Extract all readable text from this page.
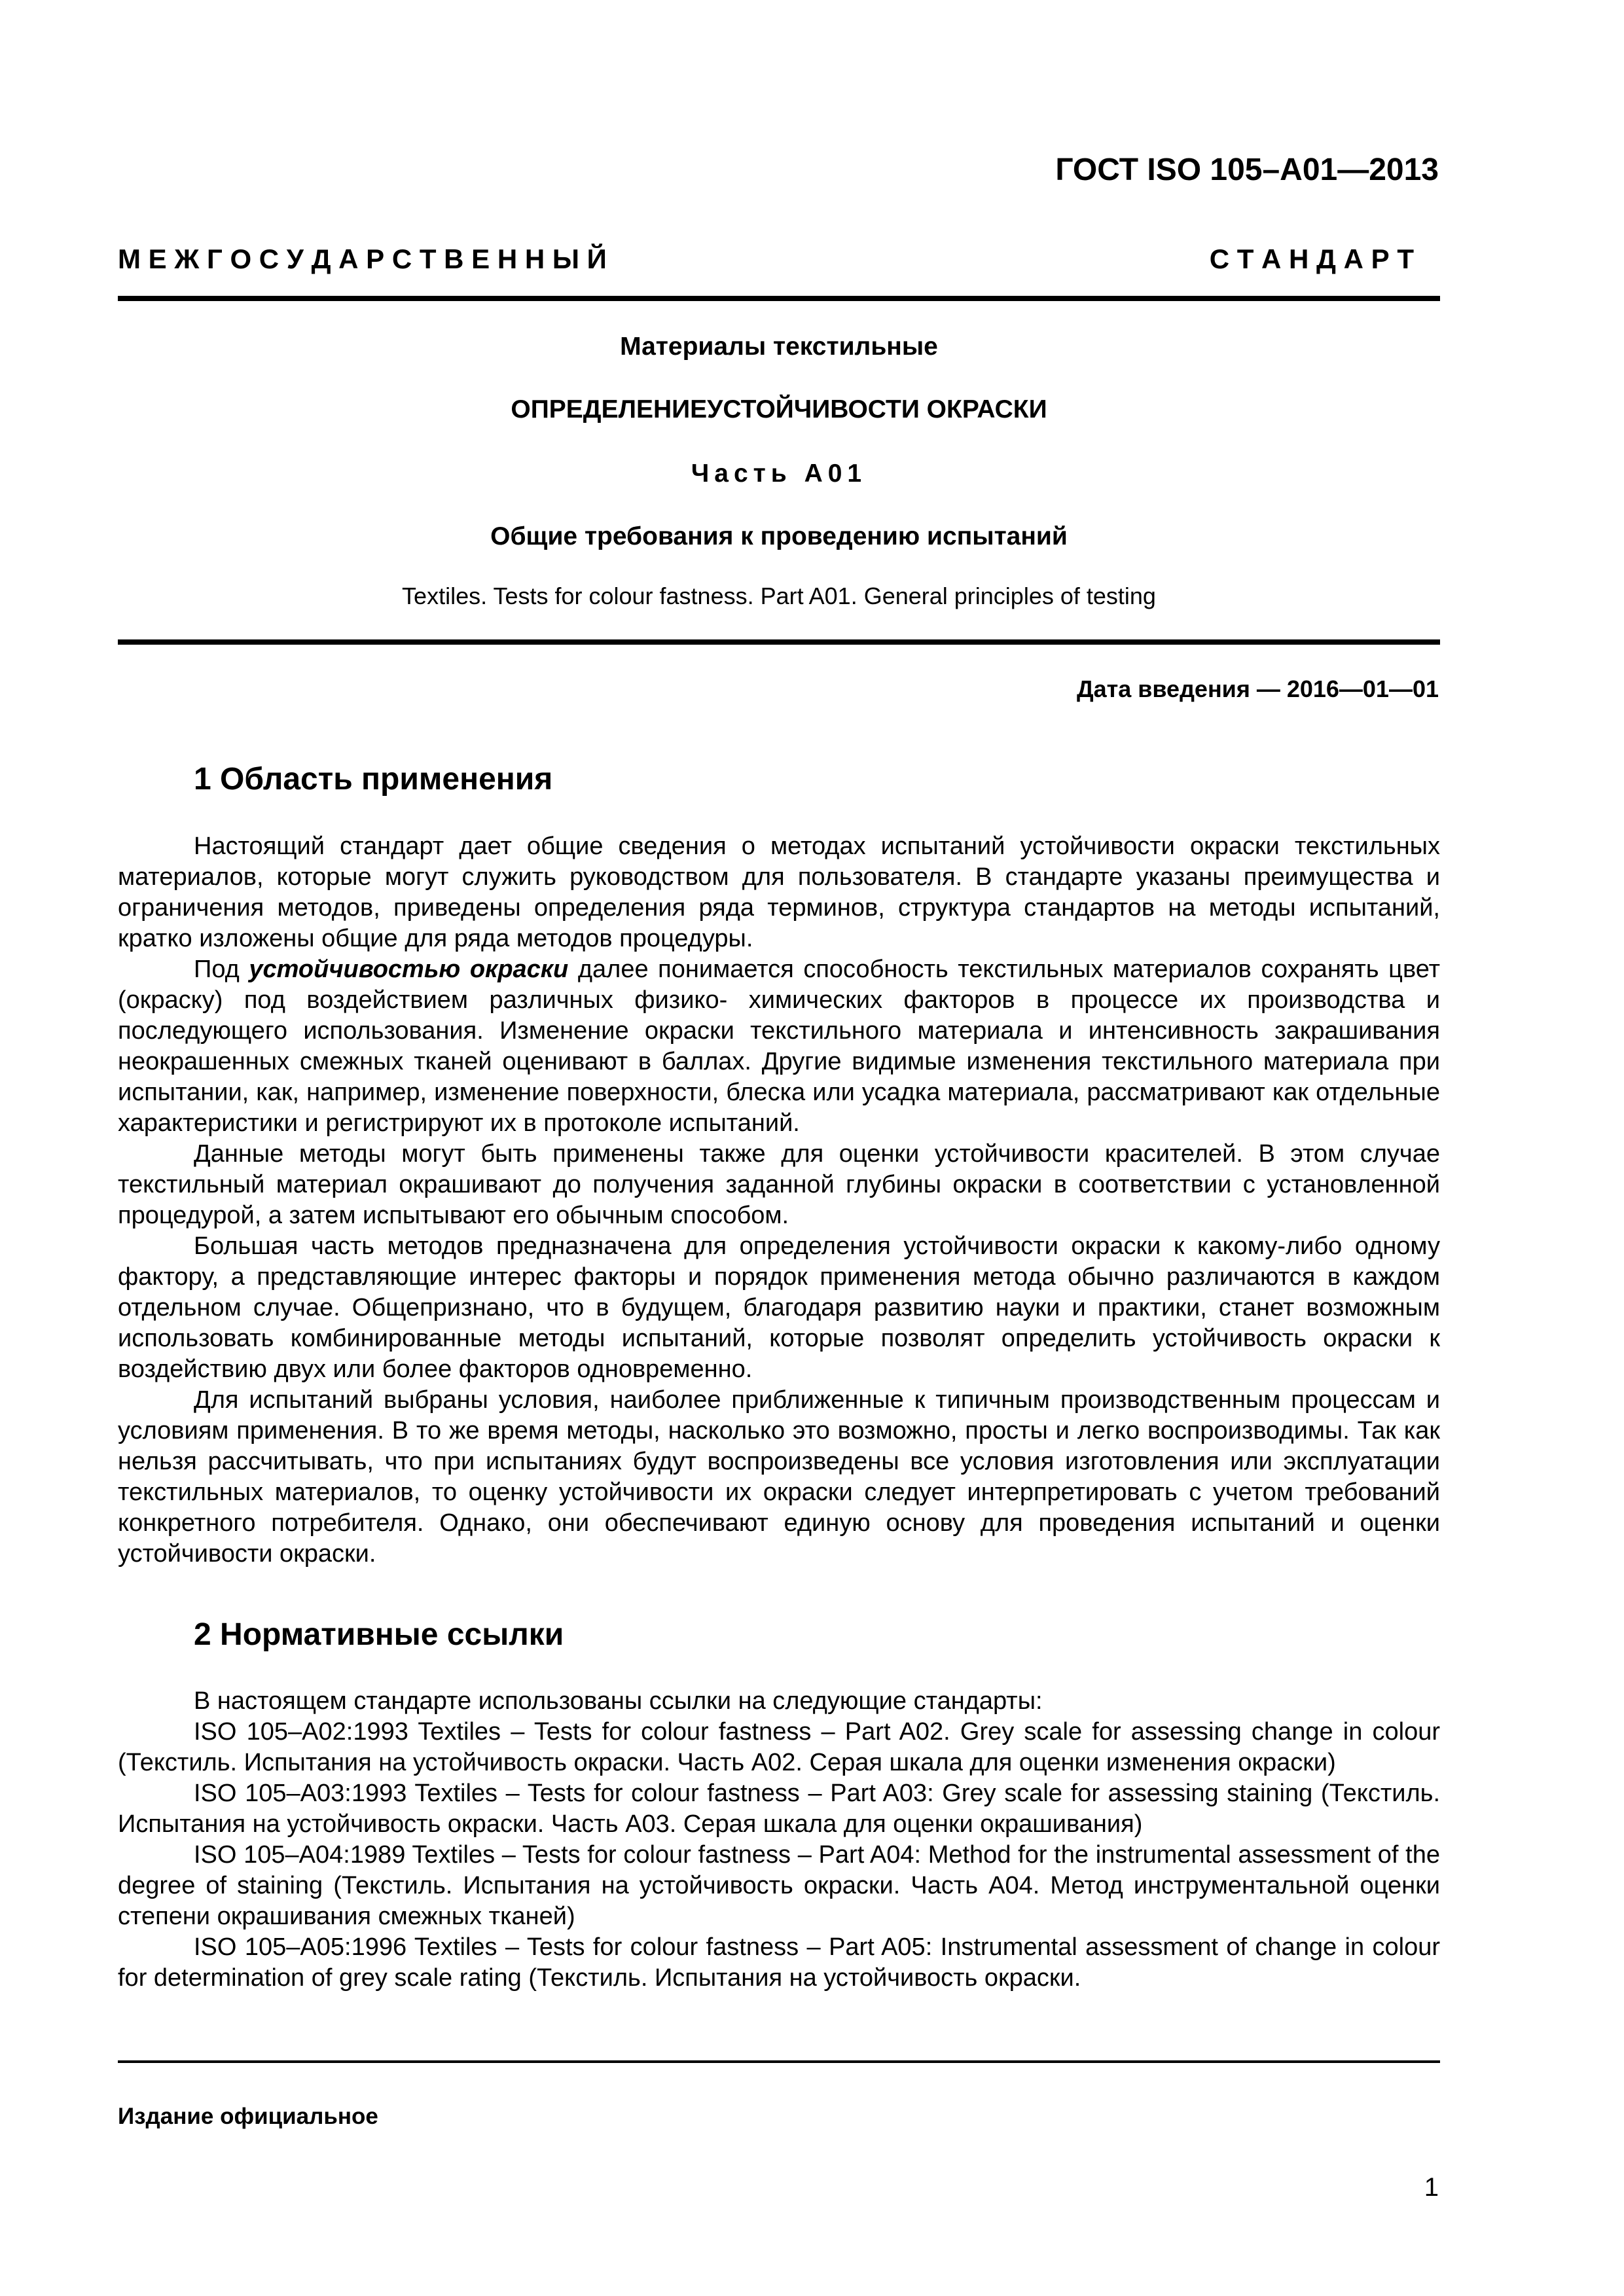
ГОСТ ISO 105–A01—2013

М Е Ж Г О С У Д А Р С Т В Е Н Н Ы Й	С Т А Н Д А Р Т

Материалы текстильные

ОПРЕДЕЛЕНИЕУСТОЙЧИВОСТИ ОКРАСКИ

Часть А01

Общие требования к проведению испытаний

Textiles. Tests for colour fastness. Part A01. General principles of testing

Дата введения — 2016—01—01

1 Область применения

Настоящий стандарт дает общие сведения о методах испытаний устойчивости окраски текстильных материалов, которые могут служить руководством для пользователя. В стандарте указаны преимущества и ограничения методов, приведены определения ряда терминов, структура стандартов на методы испытаний, кратко изложены общие для ряда методов процедуры.

Под устойчивостью окраски далее понимается способность текстильных материалов сохранять цвет (окраску) под воздействием различных физико- химических факторов в процессе их производства и последующего использования. Изменение окраски текстильного материала и интенсивность закрашивания неокрашенных смежных тканей оценивают в баллах. Другие видимые изменения текстильного материала при испытании, как, например, изменение поверхности, блеска или усадка материала, рассматривают как отдельные характеристики и регистрируют их в протоколе испытаний.

Данные методы могут быть применены также для оценки устойчивости красителей. В этом случае текстильный материал окрашивают до получения заданной глубины окраски в соответствии с установленной процедурой, а затем испытывают его обычным способом.

Большая часть методов предназначена для определения устойчивости окраски к какому-либо одному фактору, а представляющие интерес факторы и порядок применения метода обычно различаются в каждом отдельном случае. Общепризнано, что в будущем, благодаря развитию науки и практики, станет возможным использовать комбинированные методы испытаний, которые позволят определить устойчивость окраски к воздействию двух или более факторов одновременно.

Для испытаний выбраны условия, наиболее приближенные к типичным производственным процессам и условиям применения. В то же время методы, насколько это возможно, просты и легко воспроизводимы. Так как нельзя рассчитывать, что при испытаниях будут воспроизведены все условия изготовления или эксплуатации текстильных материалов, то оценку устойчивости их окраски следует интерпретировать с учетом требований конкретного потребителя. Однако, они обеспечивают единую основу для проведения испытаний и оценки устойчивости окраски.

2 Нормативные ссылки

В настоящем стандарте использованы ссылки на следующие стандарты:

ISO 105–A02:1993 Textiles – Tests for colour fastness – Part A02. Grey scale for assessing change in colour (Текстиль. Испытания на устойчивость окраски. Часть А02. Серая шкала для оценки изменения окраски)

ISO 105–A03:1993 Textiles – Tests for colour fastness – Part A03: Grey scale for assessing staining (Текстиль. Испытания на устойчивость окраски. Часть А03. Серая шкала для оценки окрашивания)

ISO 105–A04:1989 Textiles – Tests for colour fastness – Part A04: Method for the instrumental assessment of the degree of staining (Текстиль. Испытания на устойчивость окраски. Часть А04. Метод инструментальной оценки степени окрашивания смежных тканей)

ISO 105–A05:1996 Textiles – Tests for colour fastness – Part A05: Instrumental assessment of change in colour for determination of grey scale rating (Текстиль. Испытания на устойчивость окраски.

Издание официальное

1
